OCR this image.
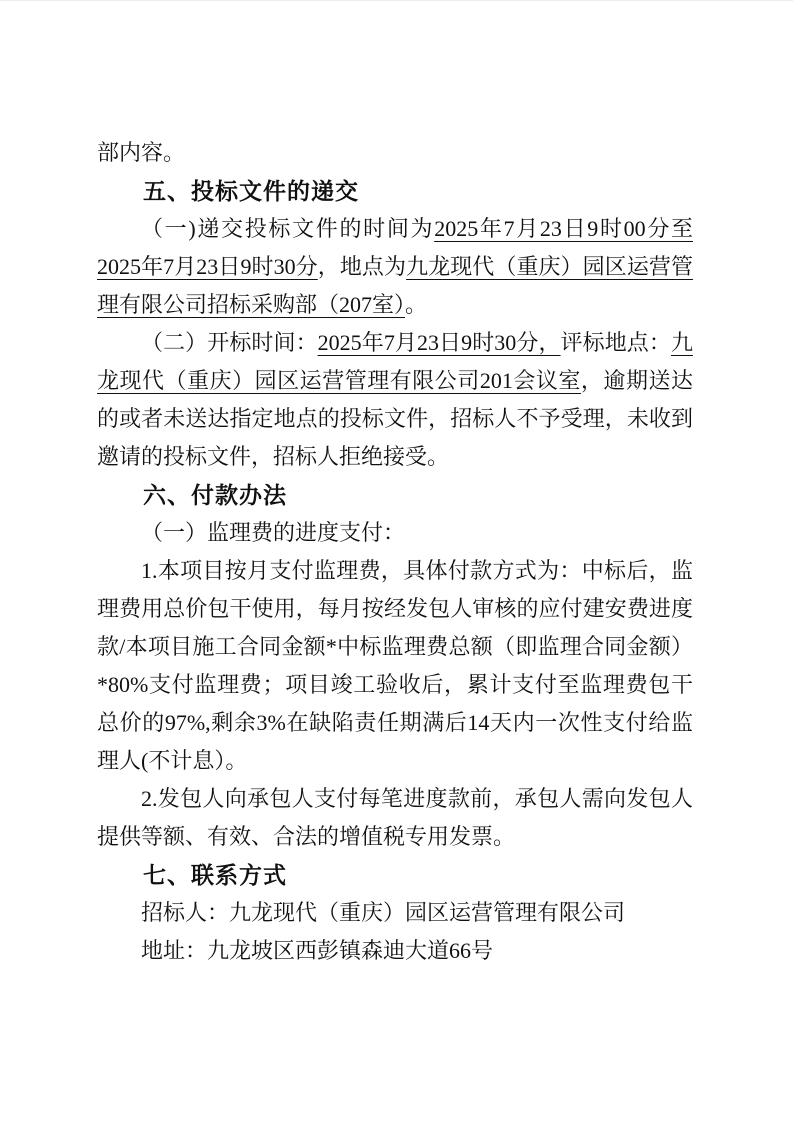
部内容。

五、投标文件的递交

（一)递交投标文件的时间为2025年7月23日9时00分至2025年7月23日9时30分，地点为九龙现代（重庆）园区运营管理有限公司招标采购部（207室）。

（二）开标时间：2025年7月23日9时30分，评标地点：九龙现代（重庆）园区运营管理有限公司201会议室，逾期送达的或者未送达指定地点的投标文件，招标人不予受理，未收到邀请的投标文件，招标人拒绝接受。

六、付款办法

（一）监理费的进度支付：

1.本项目按月支付监理费，具体付款方式为：中标后，监理费用总价包干使用，每月按经发包人审核的应付建安费进度款/本项目施工合同金额*中标监理费总额（即监理合同金额）*80%支付监理费；项目竣工验收后，累计支付至监理费包干总价的97%,剩余3%在缺陷责任期满后14天内一次性支付给监理人(不计息）。

2.发包人向承包人支付每笔进度款前，承包人需向发包人提供等额、有效、合法的增值税专用发票。

七、联系方式

招标人：九龙现代（重庆）园区运营管理有限公司

地址：九龙坡区西彭镇森迪大道66号
